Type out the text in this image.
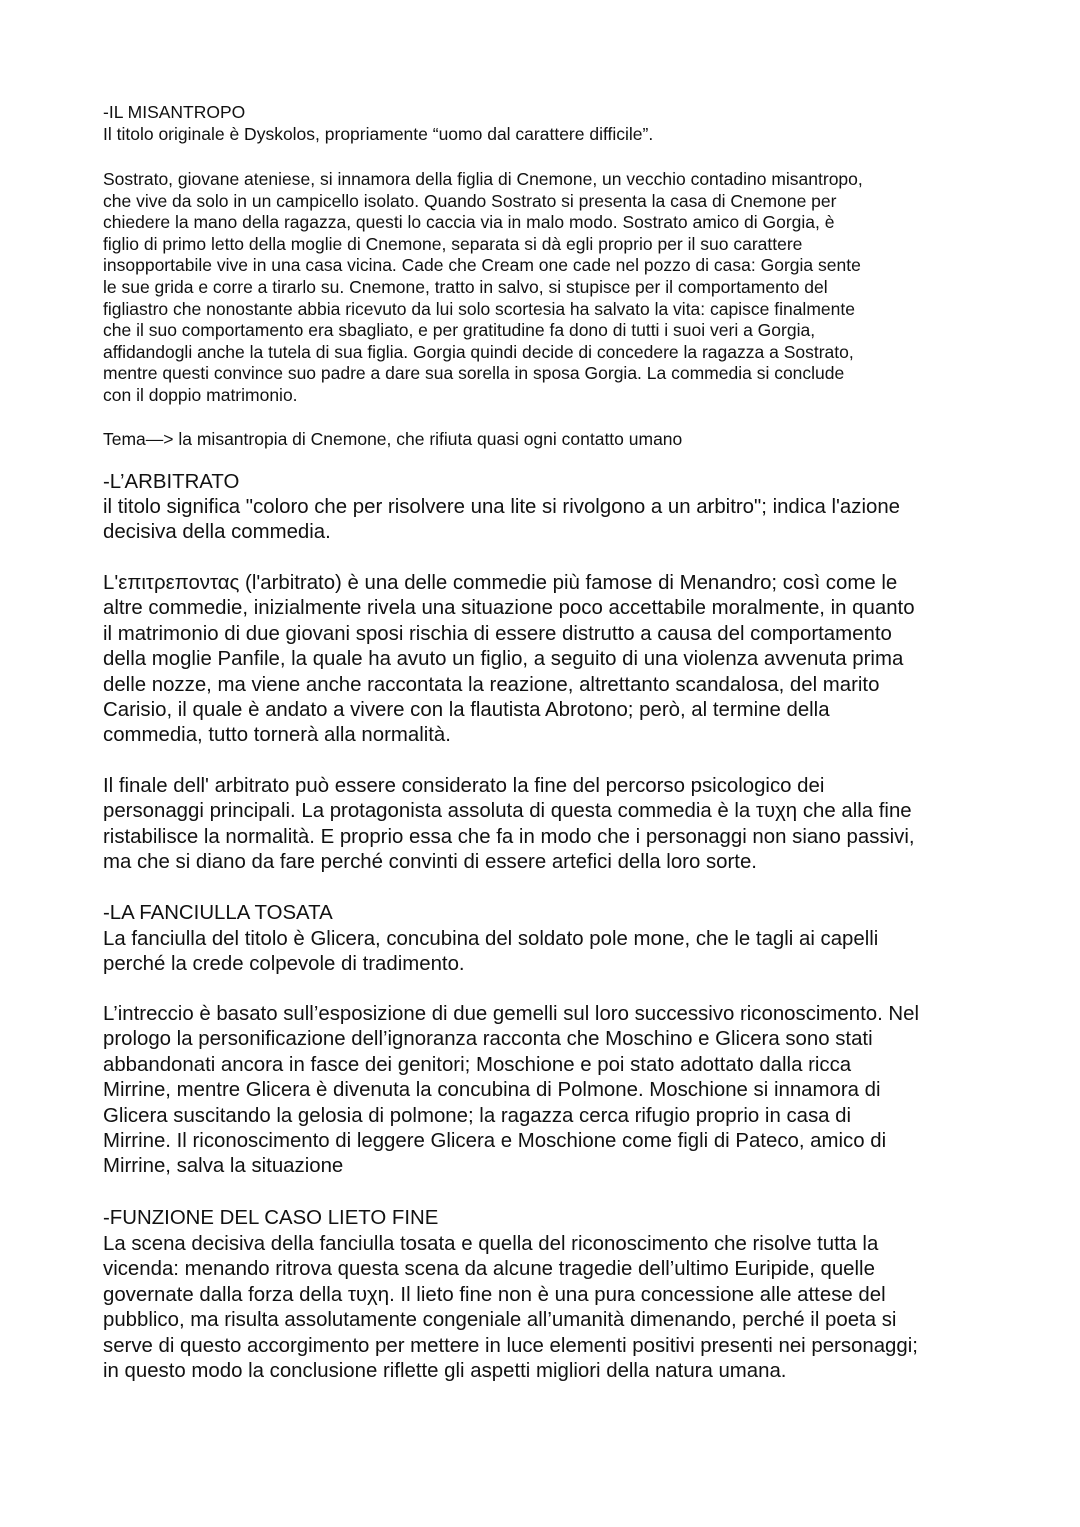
-IL MISANTROPO
Il titolo originale è Dyskolos, propriamente “uomo dal carattere difficile”.
Sostrato, giovane ateniese, si innamora della figlia di Cnemone, un vecchio contadino misantropo,
che vive da solo in un campicello isolato. Quando Sostrato si presenta la casa di Cnemone per
chiedere la mano della ragazza, questi lo caccia via in malo modo. Sostrato amico di Gorgia, è
figlio di primo letto della moglie di Cnemone, separata si dà egli proprio per il suo carattere
insopportabile vive in una casa vicina. Cade che Cream one cade nel pozzo di casa: Gorgia sente
le sue grida e corre a tirarlo su. Cnemone, tratto in salvo, si stupisce per il comportamento del
figliastro che nonostante abbia ricevuto da lui solo scortesia ha salvato la vita: capisce finalmente
che il suo comportamento era sbagliato, e per gratitudine fa dono di tutti i suoi veri a Gorgia,
affidandogli anche la tutela di sua figlia. Gorgia quindi decide di concedere la ragazza a Sostrato,
mentre questi convince suo padre a dare sua sorella in sposa Gorgia. La commedia si conclude
con il doppio matrimonio.
Tema—> la misantropia di Cnemone, che rifiuta quasi ogni contatto umano
-L’ARBITRATO
il titolo significa "coloro che per risolvere una lite si rivolgono a un arbitro"; indica l'azione
decisiva della commedia.
L'επιτρεποντας (l'arbitrato) è una delle commedie più famose di Menandro; così come le
altre commedie, inizialmente rivela una situazione poco accettabile moralmente, in quanto
il matrimonio di due giovani sposi rischia di essere distrutto a causa del comportamento
della moglie Panfile, la quale ha avuto un figlio, a seguito di una violenza avvenuta prima
delle nozze, ma viene anche raccontata la reazione, altrettanto scandalosa, del marito
Carisio, il quale è andato a vivere con la flautista Abrotono; però, al termine della
commedia, tutto tornerà alla normalità.
Il finale dell' arbitrato può essere considerato la fine del percorso psicologico dei
personaggi principali. La protagonista assoluta di questa commedia è la τυχη che alla fine
ristabilisce la normalità. E proprio essa che fa in modo che i personaggi non siano passivi,
ma che si diano da fare perché convinti di essere artefici della loro sorte.
-LA FANCIULLA TOSATA
La fanciulla del titolo è Glicera, concubina del soldato pole mone, che le tagli ai capelli
perché la crede colpevole di tradimento.
L’intreccio è basato sull’esposizione di due gemelli sul loro successivo riconoscimento. Nel
prologo la personificazione dell’ignoranza racconta che Moschino e Glicera sono stati
abbandonati ancora in fasce dei genitori; Moschione e poi stato adottato dalla ricca
Mirrine, mentre Glicera è divenuta la concubina di Polmone. Moschione si innamora di
Glicera suscitando la gelosia di polmone; la ragazza cerca rifugio proprio in casa di
Mirrine. Il riconoscimento di leggere Glicera e Moschione come figli di Pateco, amico di
Mirrine, salva la situazione
-FUNZIONE DEL CASO LIETO FINE
La scena decisiva della fanciulla tosata e quella del riconoscimento che risolve tutta la
vicenda: menando ritrova questa scena da alcune tragedie dell’ultimo Euripide, quelle
governate dalla forza della τυχη. Il lieto fine non è una pura concessione alle attese del
pubblico, ma risulta assolutamente congeniale all’umanità dimenando, perché il poeta si
serve di questo accorgimento per mettere in luce elementi positivi presenti nei personaggi;
in questo modo la conclusione riflette gli aspetti migliori della natura umana.
